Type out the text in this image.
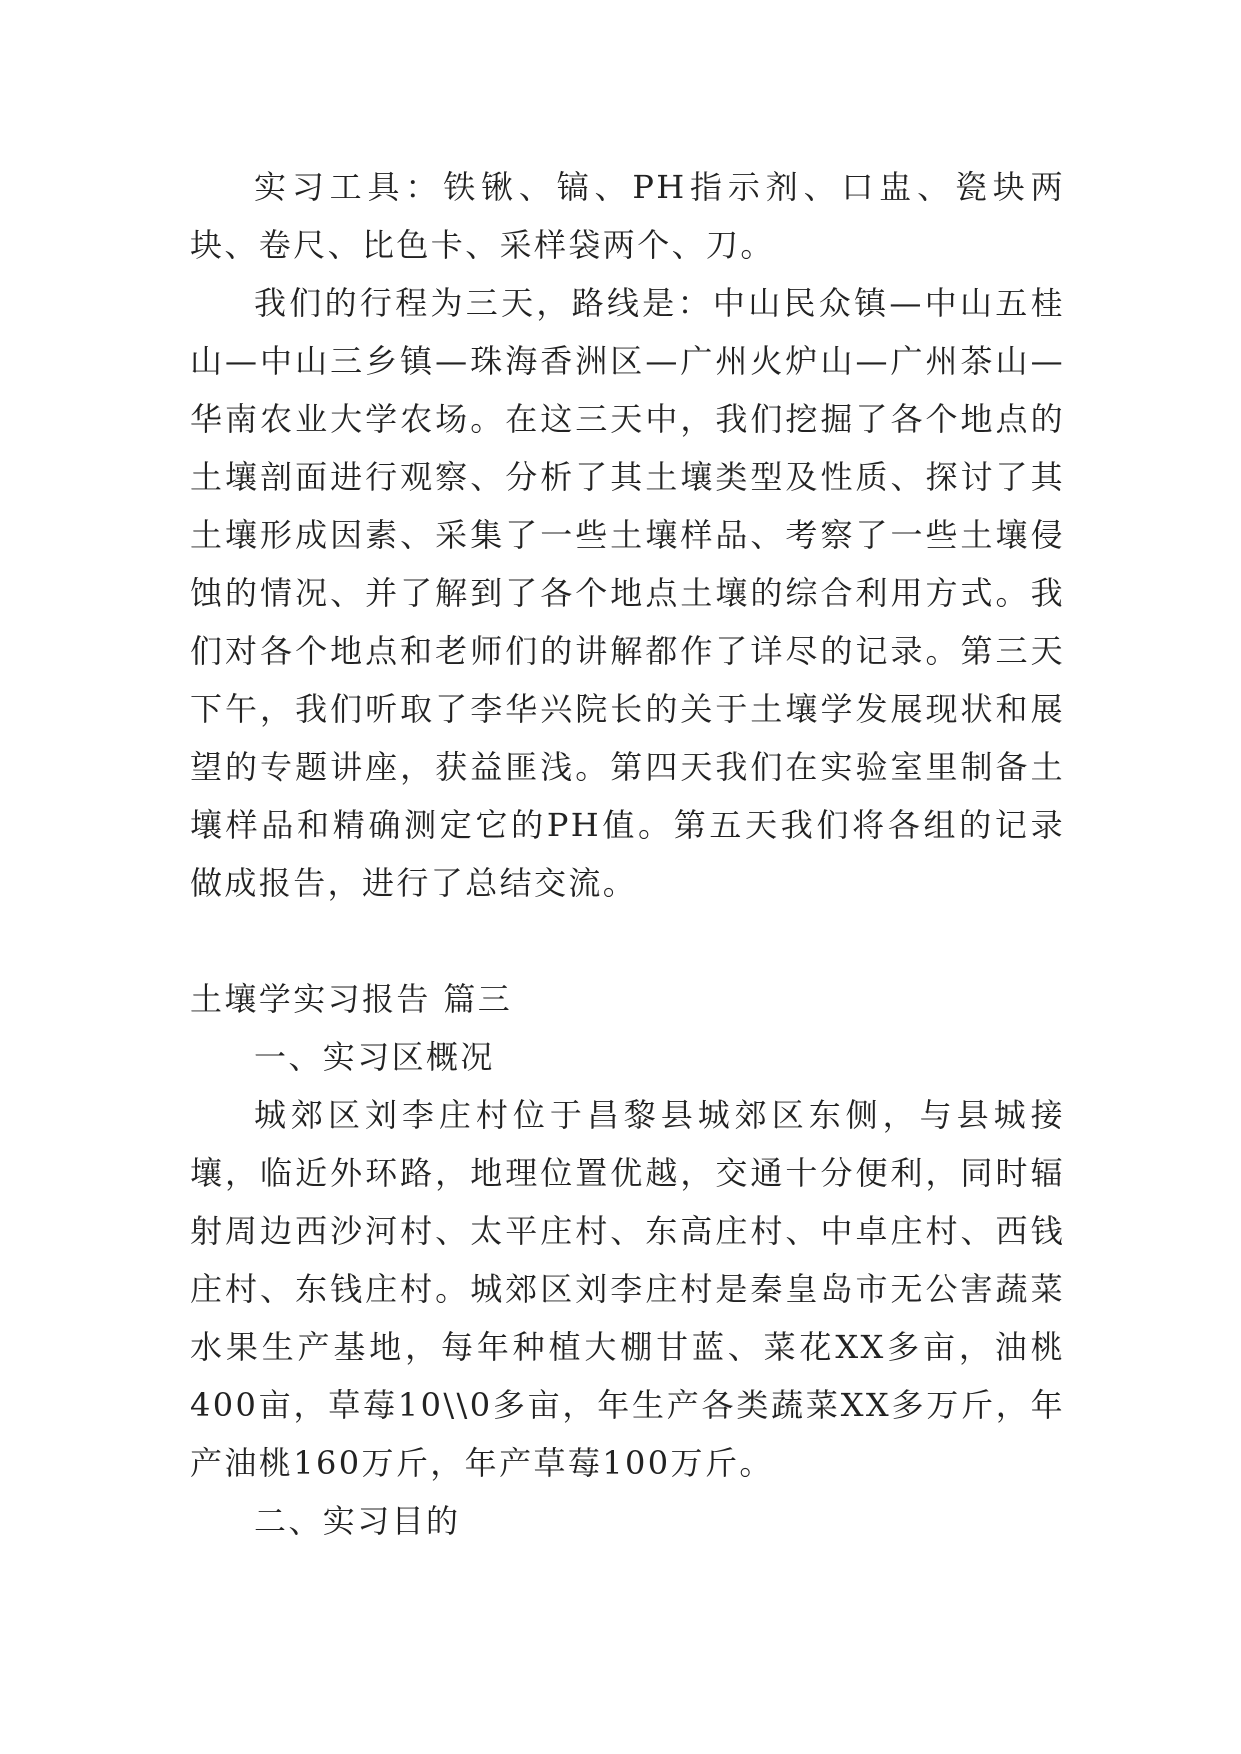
实习工具：铁锹、镐、PH指示剂、口盅、瓷块两块、卷尺、比色卡、采样袋两个、刀。

我们的行程为三天，路线是：中山民众镇—中山五桂山—中山三乡镇—珠海香洲区—广州火炉山—广州茶山—华南农业大学农场。在这三天中，我们挖掘了各个地点的土壤剖面进行观察、分析了其土壤类型及性质、探讨了其土壤形成因素、采集了一些土壤样品、考察了一些土壤侵蚀的情况、并了解到了各个地点土壤的综合利用方式。我们对各个地点和老师们的讲解都作了详尽的记录。第三天下午，我们听取了李华兴院长的关于土壤学发展现状和展望的专题讲座，获益匪浅。第四天我们在实验室里制备土壤样品和精确测定它的PH值。第五天我们将各组的记录做成报告，进行了总结交流。

土壤学实习报告 篇三

一、实习区概况

城郊区刘李庄村位于昌黎县城郊区东侧，与县城接壤，临近外环路，地理位置优越，交通十分便利，同时辐射周边西沙河村、太平庄村、东高庄村、中卓庄村、西钱庄村、东钱庄村。城郊区刘李庄村是秦皇岛市无公害蔬菜水果生产基地，每年种植大棚甘蓝、菜花XX多亩，油桃400亩，草莓10\\0多亩，年生产各类蔬菜XX多万斤，年产油桃160万斤，年产草莓100万斤。

二、实习目的
